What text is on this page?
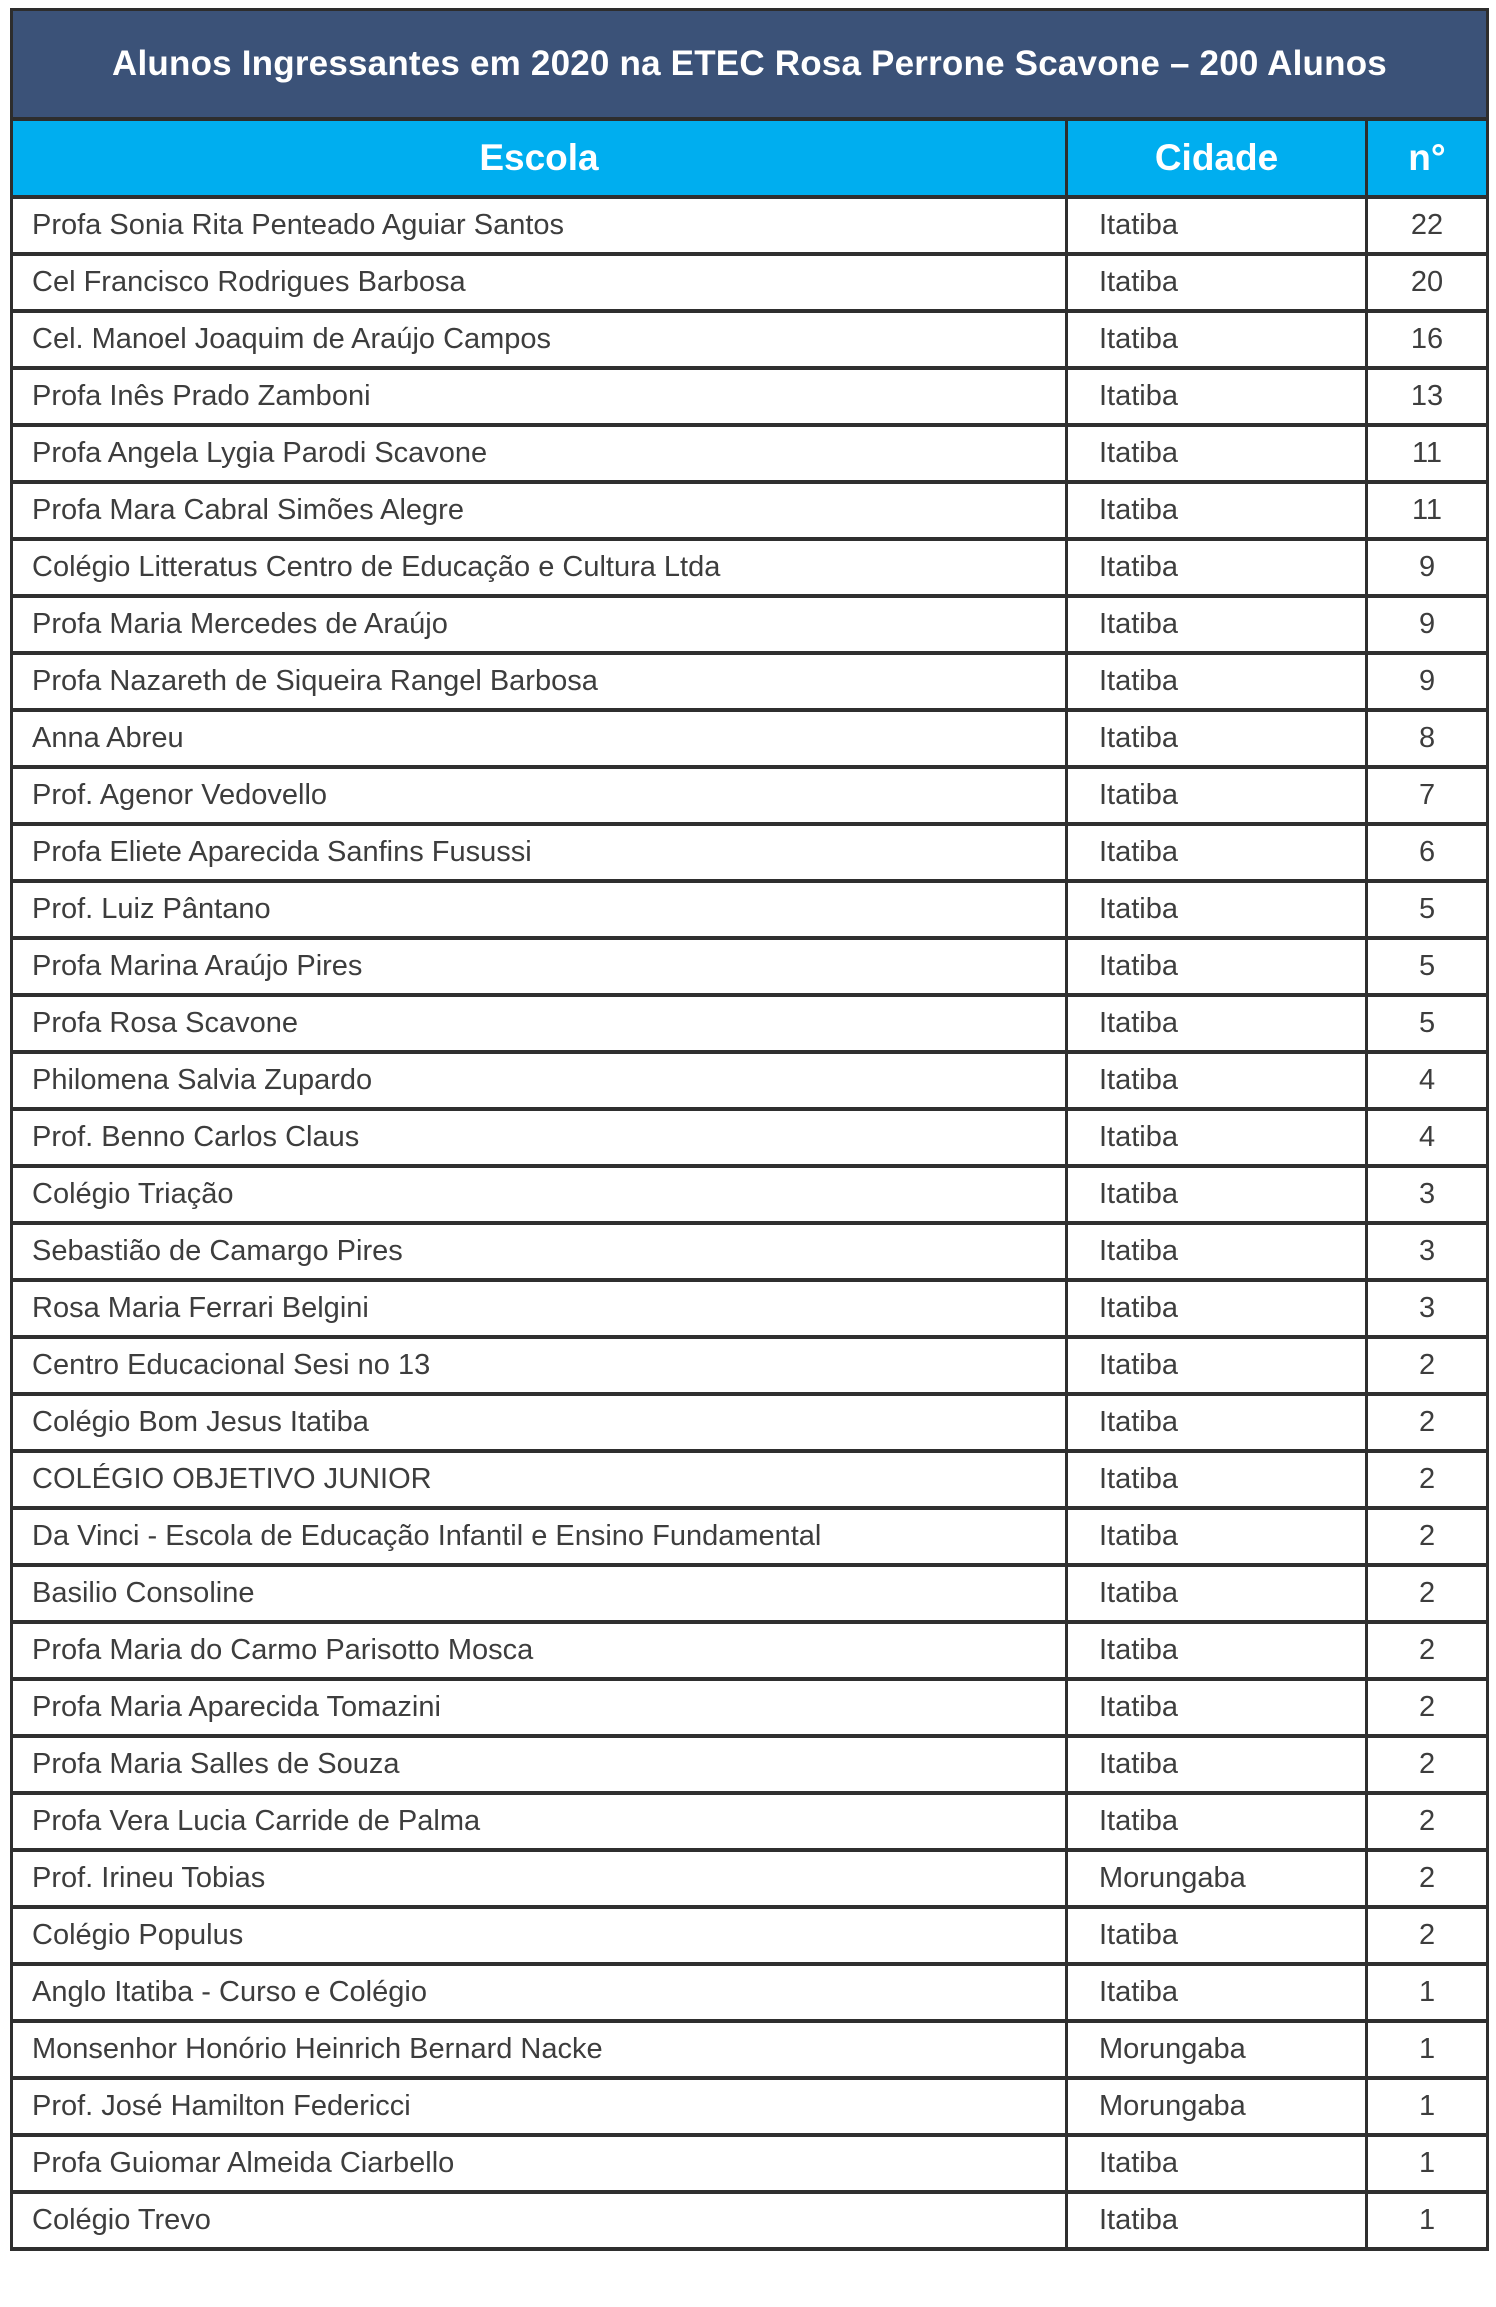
Alunos Ingressantes em 2020 na ETEC Rosa Perrone Scavone – 200 Alunos		
Escola	Cidade	n°
Profa Sonia Rita Penteado Aguiar Santos	Itatiba	22
Cel Francisco Rodrigues Barbosa	Itatiba	20
Cel. Manoel Joaquim de Araújo Campos	Itatiba	16
Profa Inês Prado Zamboni	Itatiba	13
Profa Angela Lygia Parodi Scavone	Itatiba	11
Profa Mara Cabral Simões Alegre	Itatiba	11
Colégio Litteratus Centro de Educação e Cultura Ltda	Itatiba	9
Profa Maria Mercedes de Araújo	Itatiba	9
Profa Nazareth de Siqueira Rangel Barbosa	Itatiba	9
Anna Abreu	Itatiba	8
Prof. Agenor Vedovello	Itatiba	7
Profa Eliete Aparecida Sanfins Fusussi	Itatiba	6
Prof. Luiz Pântano	Itatiba	5
Profa Marina Araújo Pires	Itatiba	5
Profa Rosa Scavone	Itatiba	5
Philomena Salvia Zupardo	Itatiba	4
Prof. Benno Carlos Claus	Itatiba	4
Colégio Triação	Itatiba	3
Sebastião de Camargo Pires	Itatiba	3
Rosa Maria Ferrari Belgini	Itatiba	3
Centro Educacional Sesi no 13	Itatiba	2
Colégio Bom Jesus Itatiba	Itatiba	2
COLÉGIO OBJETIVO JUNIOR	Itatiba	2
Da Vinci - Escola de Educação Infantil e Ensino Fundamental	Itatiba	2
Basilio Consoline	Itatiba	2
Profa Maria do Carmo Parisotto Mosca	Itatiba	2
Profa Maria Aparecida Tomazini	Itatiba	2
Profa Maria Salles de Souza	Itatiba	2
Profa Vera Lucia Carride de Palma	Itatiba	2
Prof. Irineu Tobias	Morungaba	2
Colégio Populus	Itatiba	2
Anglo Itatiba - Curso e Colégio	Itatiba	1
Monsenhor Honório Heinrich Bernard Nacke	Morungaba	1
Prof. José Hamilton Federicci	Morungaba	1
Profa Guiomar Almeida Ciarbello	Itatiba	1
Colégio Trevo	Itatiba	1
